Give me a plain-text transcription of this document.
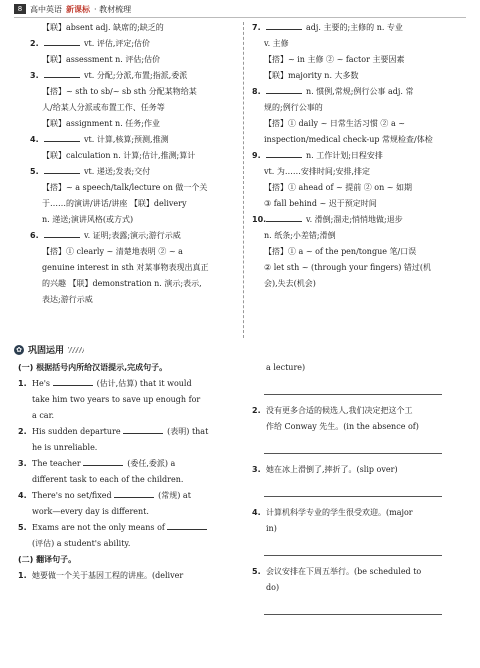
8 高中英语 新课标 · 教材梳理
【联】absent adj. 缺席的;缺乏的
2.	vt. 评估,评定;估价
【联】assessment n. 评估;估价
3.	vt. 分配;分派,布置;指派,委派
【搭】~ sth to sb/~ sb sth 分配某物给某
人/给某人分派或布置工作、任务等
【联】assignment n. 任务;作业
4.	vt. 计算,核算;预测,推测
【联】calculation n. 计算;估计,推测;算计
5.	vt. 递送;发表;交付
【搭】~ a speech/talk/lecture on 做一个关
于……的演讲/讲话/讲座 【联】delivery
n. 递送;演讲风格(或方式)
6.	v. 证明;表露;演示;游行示威
【搭】① clearly ~ 清楚地表明 ② ~ a
genuine interest in sth 对某事物表现出真正
的兴趣 【联】demonstration n. 演示;表示,
表达;游行示威
7.	adj. 主要的;主修的 n. 专业
v. 主修
【搭】~ in 主修 ② ~ factor 主要因素
【联】majority n. 大多数
8.	n. 惯例,常规;例行公事 adj. 常
规的;例行公事的
【搭】① daily ~ 日常生活习惯 ② a ~
inspection/medical check-up 常规检查/体检
9.	n. 工作计划;日程安排
vt. 为……安排时间;安排,排定
【搭】① ahead of ~ 提前 ② on ~ 如期
③ fall behind ~ 迟于预定时间
10.	v. 滑倒;溜走;悄悄地做;退步
n. 纸条;小差错;滑倒
【搭】① a ~ of the pen/tongue 笔/口误
② let sth ~ (through your fingers) 错过(机
会),失去(机会)
✿ 巩固运用
(一) 根据括号内所给汉语提示,完成句子。
1. He's	(估计,估算) that it would
take him two years to save up enough for
a car.
2. His sudden departure	(表明) that
he is unreliable.
3. The teacher	(委任,委派) a
different task to each of the children.
4. There's no set/fixed	(常规) at
work—every day is different.
5. Exams are not the only means of
(评估) a student's ability.
(二) 翻译句子。
1. 她要做一个关于基因工程的讲座。(deliver
a lecture)
2. 没有更多合适的候选人,我们决定把这个工
作给 Conway 先生。(in the absence of)
3. 她在冰上滑倒了,摔折了。(slip over)
4. 计算机科学专业的学生很受欢迎。(major
in)
5. 会议安排在下周五举行。(be scheduled to
do)
